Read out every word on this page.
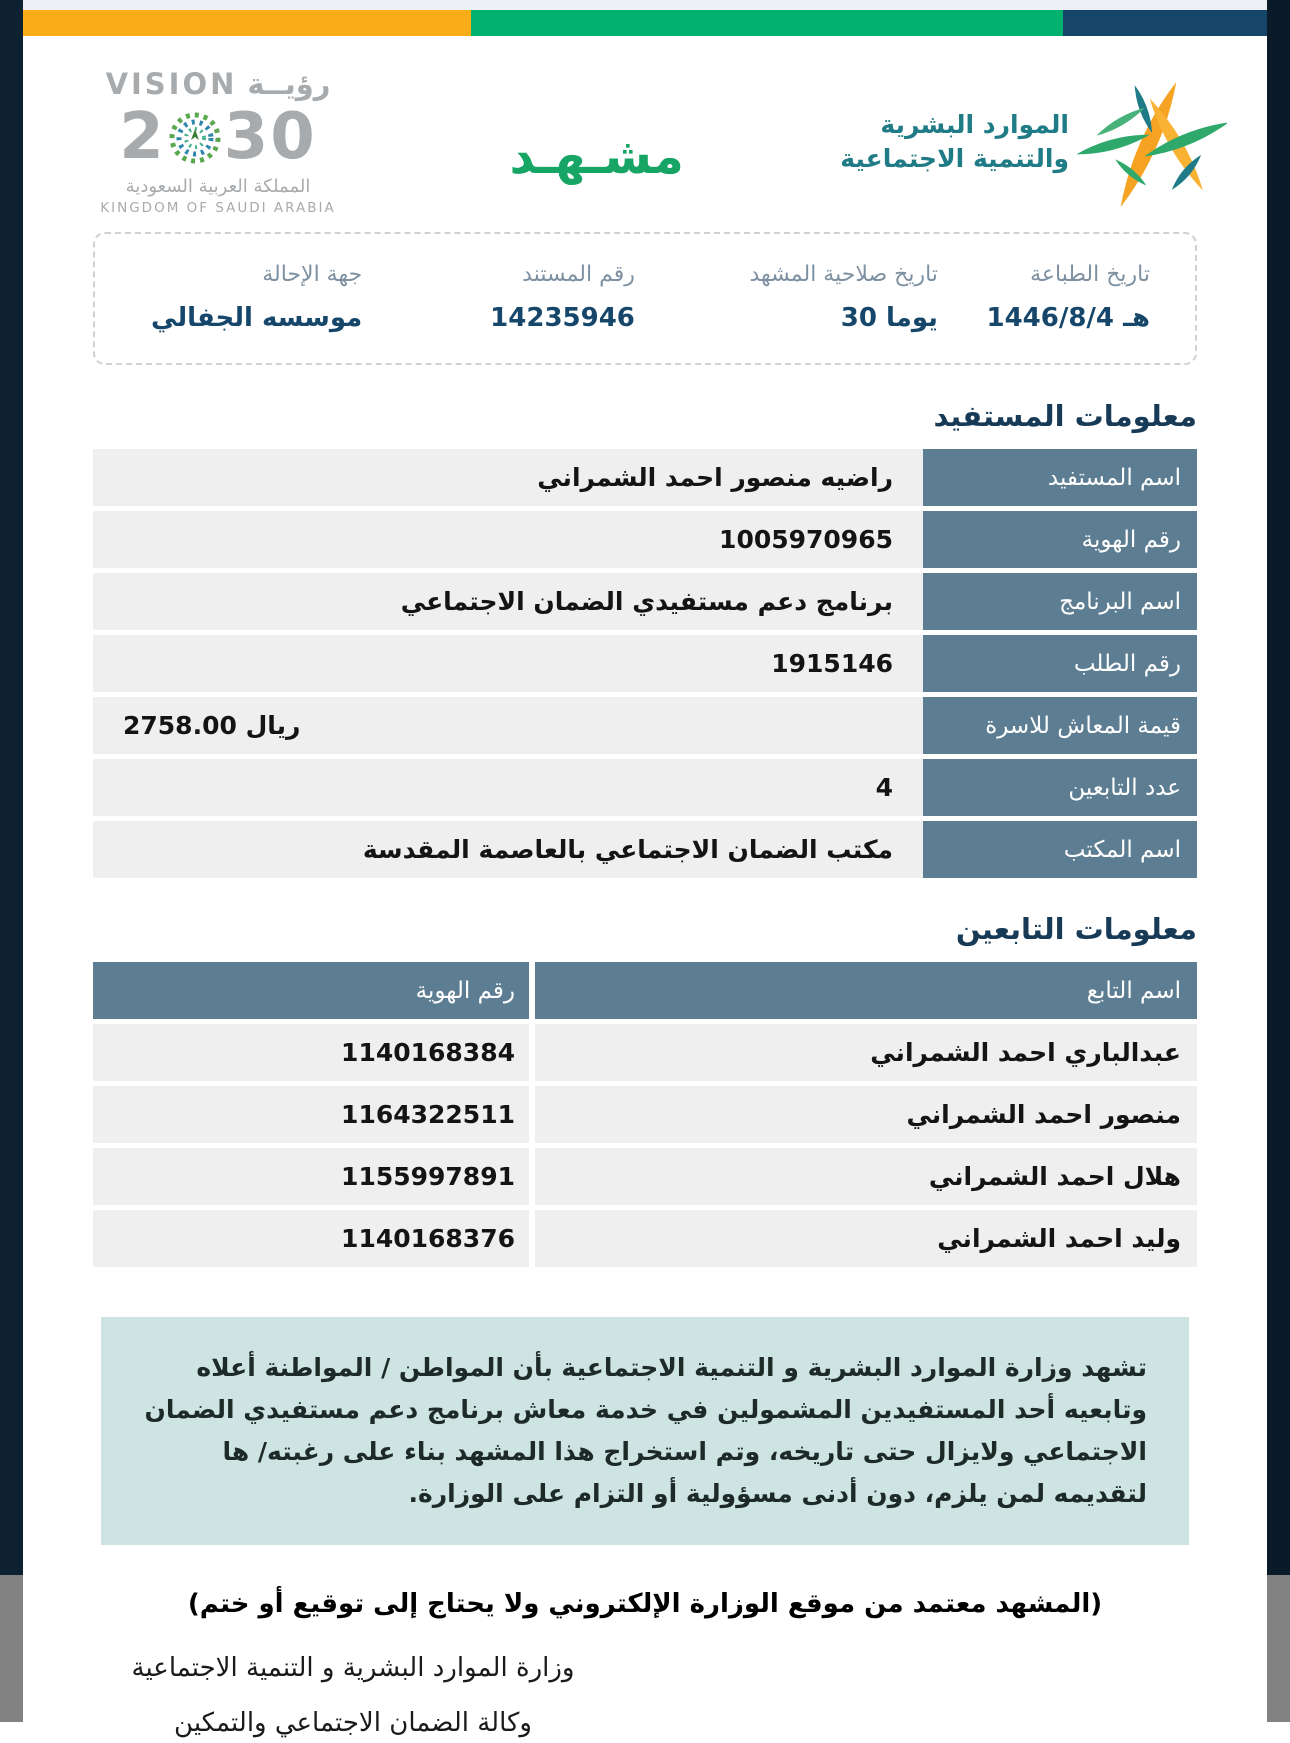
VISION رؤيــة
2 30
المملكة العربية السعودية
KINGDOM OF SAUDI ARABIA
مشـهـد
الموارد البشرية
والتنمية الاجتماعية
تاريخ الطباعة
1446/8/4 هـ
تاريخ صلاحية المشهد
30 يوما
رقم المستند
14235946
جهة الإحالة
موسسه الجفالي
معلومات المستفيد
اسم المستفيد
راضيه منصور احمد الشمراني
رقم الهوية
1005970965
اسم البرنامج
برنامج دعم مستفيدي الضمان الاجتماعي
رقم الطلب
1915146
قيمة المعاش للاسرة
2758.00 ريال
عدد التابعين
4
اسم المكتب
مكتب الضمان الاجتماعي بالعاصمة المقدسة
معلومات التابعين
اسم التابع
رقم الهوية
عبدالباري احمد الشمراني
1140168384
منصور احمد الشمراني
1164322511
هلال احمد الشمراني
1155997891
وليد احمد الشمراني
1140168376

تشهد وزارة الموارد البشرية و التنمية الاجتماعية بأن المواطن / المواطنة أعلاه وتابعيه أحد المستفيدين المشمولين في خدمة معاش برنامج دعم مستفيدي الضمان الاجتماعي ولايزال حتى تاريخه، وتم استخراج هذا المشهد بناء على رغبته/ ها لتقديمه لمن يلزم، دون أدنى مسؤولية أو التزام على الوزارة.

(المشهد معتمد من موقع الوزارة الإلكتروني ولا يحتاج إلى توقيع أو ختم)

وزارة الموارد البشرية و التنمية الاجتماعية

وكالة الضمان الاجتماعي والتمكين
